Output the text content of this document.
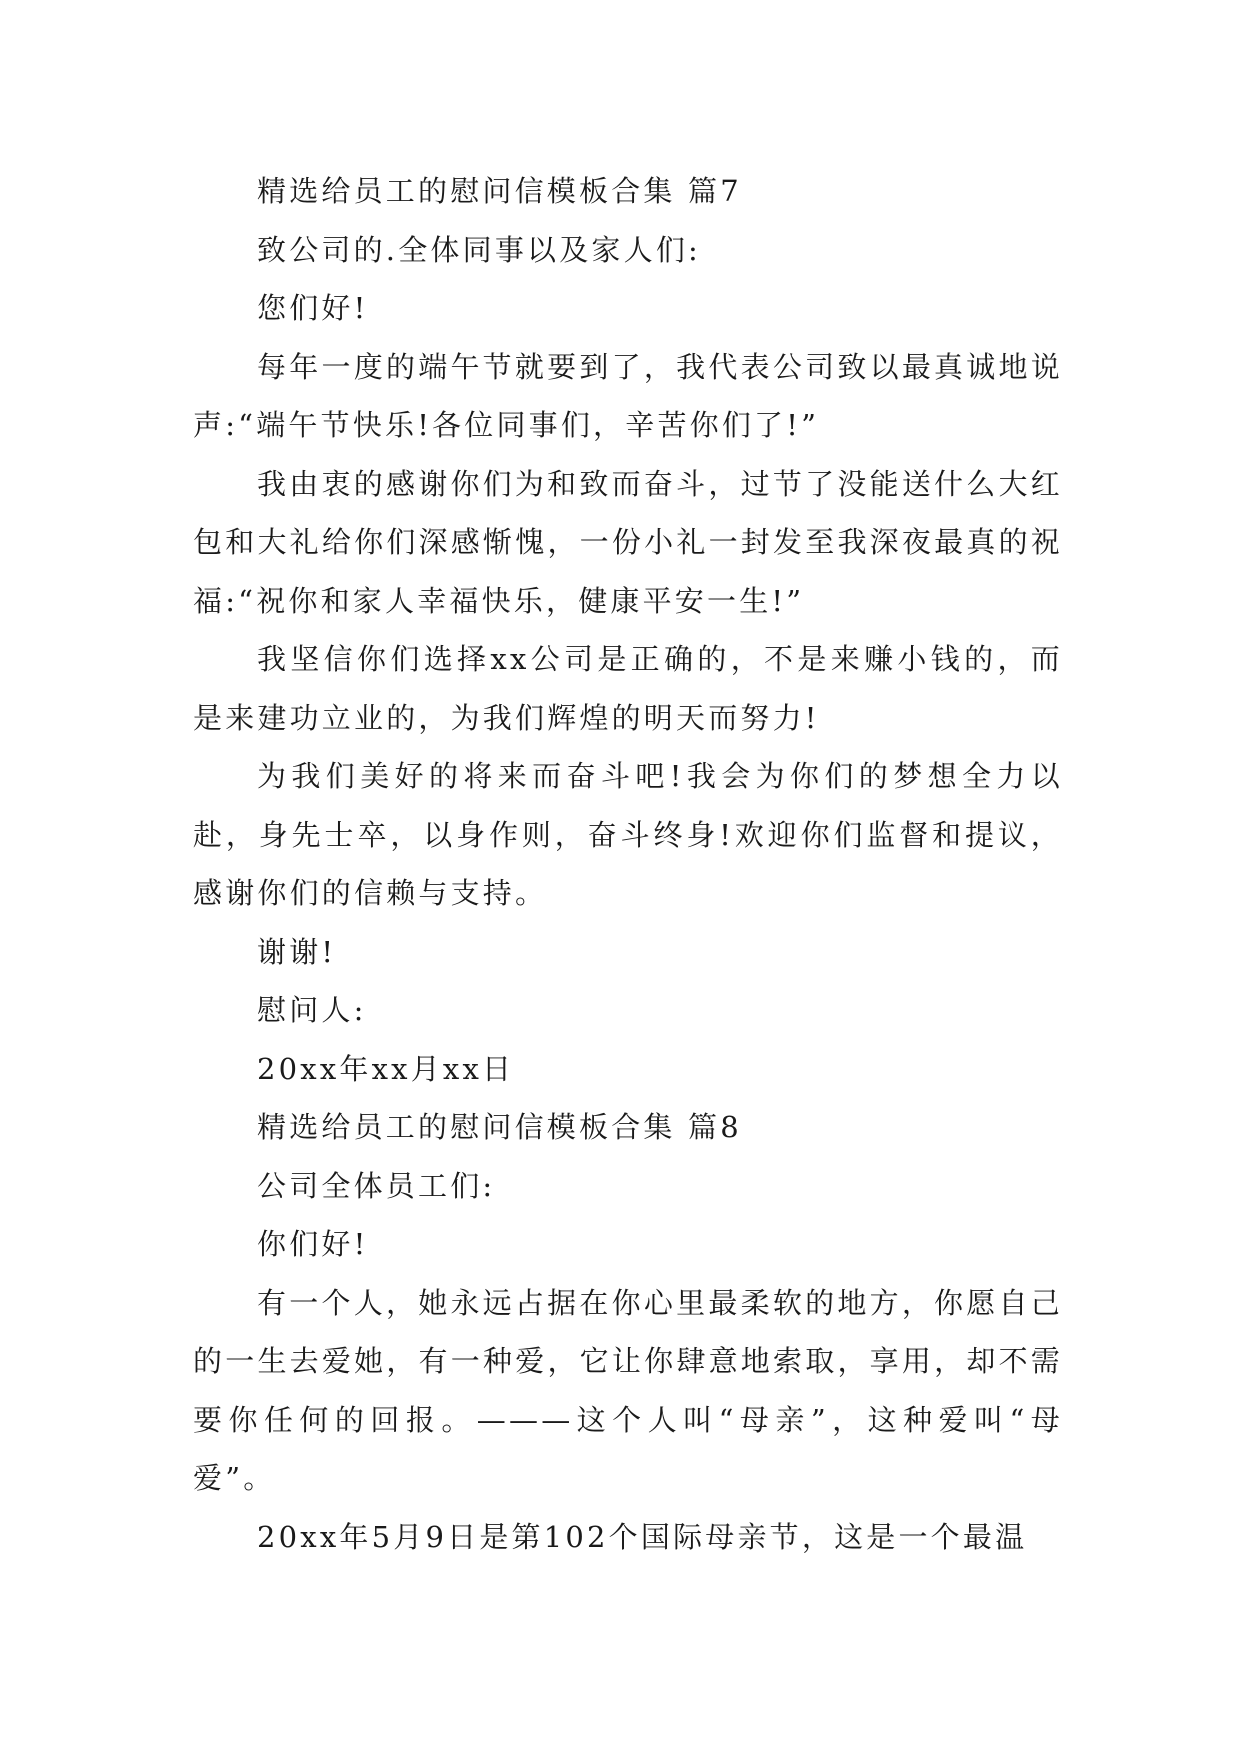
精选给员工的慰问信模板合集 篇7

致公司的.全体同事以及家人们:

您们好!

每年一度的端午节就要到了，我代表公司致以最真诚地说声:“端午节快乐!各位同事们，辛苦你们了!”

我由衷的感谢你们为和致而奋斗，过节了没能送什么大红包和大礼给你们深感惭愧，一份小礼一封发至我深夜最真的祝福:“祝你和家人幸福快乐，健康平安一生!”

我坚信你们选择xx公司是正确的，不是来赚小钱的，而是来建功立业的，为我们辉煌的明天而努力!

为我们美好的将来而奋斗吧!我会为你们的梦想全力以赴，身先士卒，以身作则，奋斗终身!欢迎你们监督和提议，感谢你们的信赖与支持。

谢谢!

慰问人:

20xx年xx月xx日

精选给员工的慰问信模板合集 篇8

公司全体员工们:

你们好!

有一个人，她永远占据在你心里最柔软的地方，你愿自己的一生去爱她，有一种爱，它让你肆意地索取，享用，却不需要你任何的回报。———这个人叫“母亲”，这种爱叫“母爱”。

20xx年5月9日是第102个国际母亲节，这是一个最温
